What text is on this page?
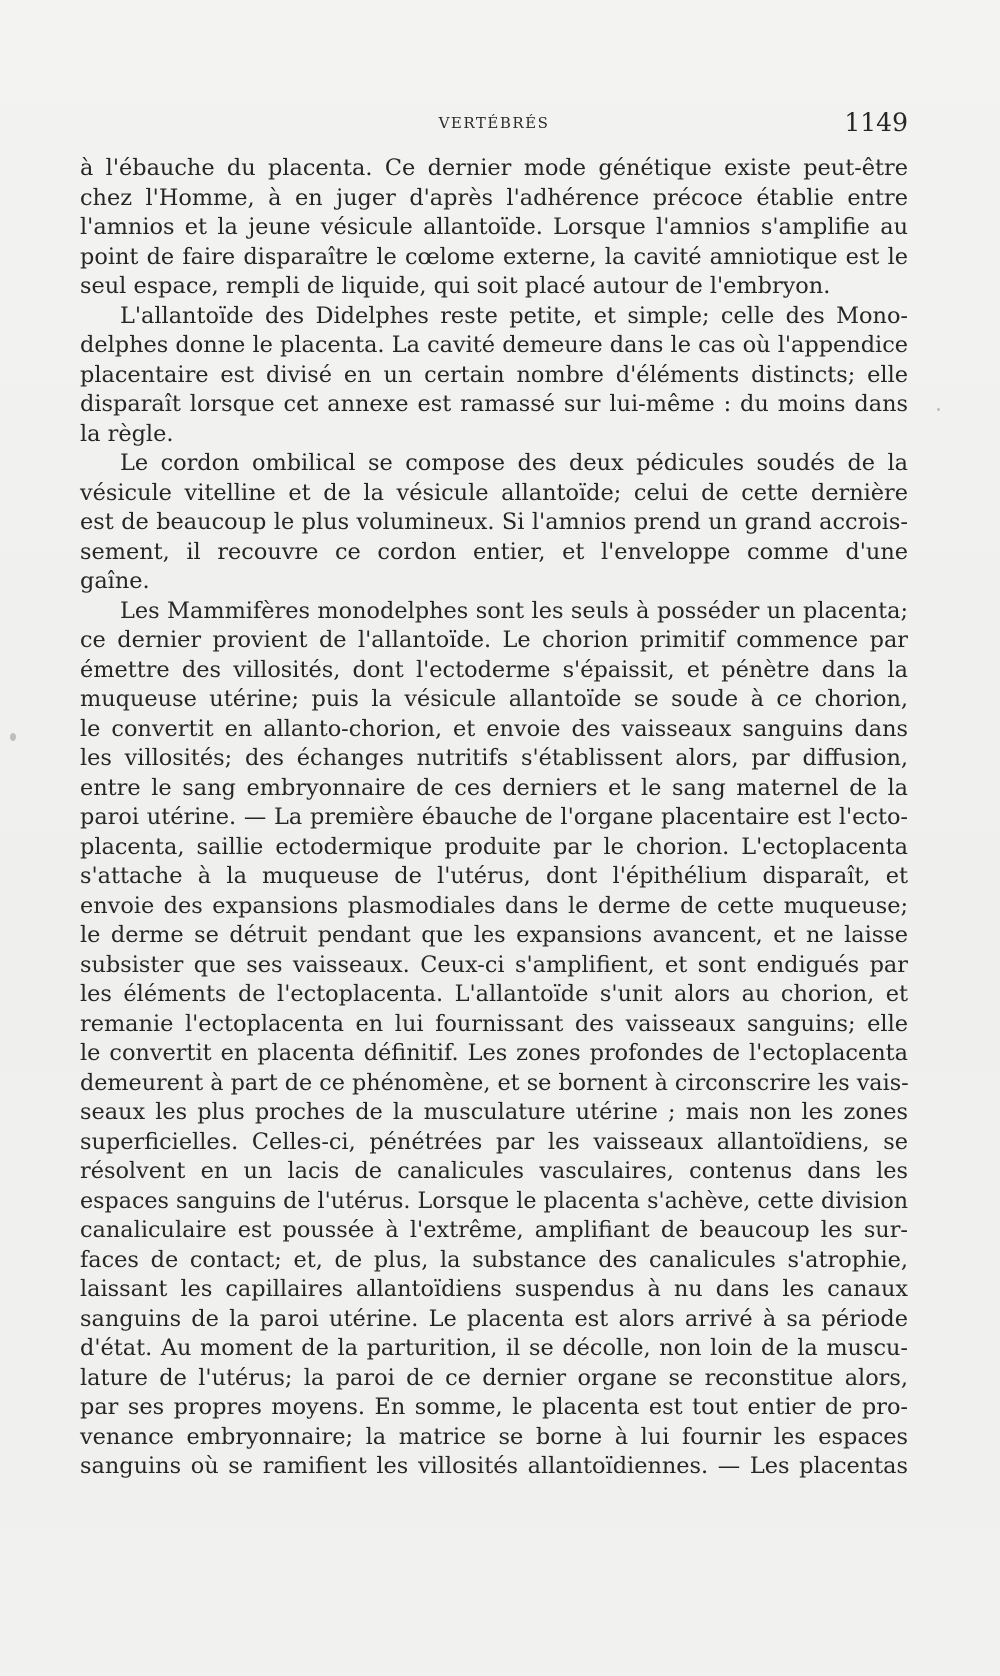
VERTÉBRÉS	1149
à l'ébauche du placenta. Ce dernier mode génétique existe peut-être
chez l'Homme, à en juger d'après l'adhérence précoce établie entre
l'amnios et la jeune vésicule allantoïde. Lorsque l'amnios s'amplifie au
point de faire disparaître le cœlome externe, la cavité amniotique est le
seul espace, rempli de liquide, qui soit placé autour de l'embryon.
L'allantoïde des Didelphes reste petite, et simple; celle des Mono-
delphes donne le placenta. La cavité demeure dans le cas où l'appendice
placentaire est divisé en un certain nombre d'éléments distincts; elle
disparaît lorsque cet annexe est ramassé sur lui-même : du moins dans
la règle.
Le cordon ombilical se compose des deux pédicules soudés de la
vésicule vitelline et de la vésicule allantoïde; celui de cette dernière
est de beaucoup le plus volumineux. Si l'amnios prend un grand accrois-
sement, il recouvre ce cordon entier, et l'enveloppe comme d'une
gaîne.
Les Mammifères monodelphes sont les seuls à posséder un placenta;
ce dernier provient de l'allantoïde. Le chorion primitif commence par
émettre des villosités, dont l'ectoderme s'épaissit, et pénètre dans la
muqueuse utérine; puis la vésicule allantoïde se soude à ce chorion,
le convertit en allanto-chorion, et envoie des vaisseaux sanguins dans
les villosités; des échanges nutritifs s'établissent alors, par diffusion,
entre le sang embryonnaire de ces derniers et le sang maternel de la
paroi utérine. — La première ébauche de l'organe placentaire est l'ecto-
placenta, saillie ectodermique produite par le chorion. L'ectoplacenta
s'attache à la muqueuse de l'utérus, dont l'épithélium disparaît, et
envoie des expansions plasmodiales dans le derme de cette muqueuse;
le derme se détruit pendant que les expansions avancent, et ne laisse
subsister que ses vaisseaux. Ceux-ci s'amplifient, et sont endigués par
les éléments de l'ectoplacenta. L'allantoïde s'unit alors au chorion, et
remanie l'ectoplacenta en lui fournissant des vaisseaux sanguins; elle
le convertit en placenta définitif. Les zones profondes de l'ectoplacenta
demeurent à part de ce phénomène, et se bornent à circonscrire les vais-
seaux les plus proches de la musculature utérine ; mais non les zones
superficielles. Celles-ci, pénétrées par les vaisseaux allantoïdiens, se
résolvent en un lacis de canalicules vasculaires, contenus dans les
espaces sanguins de l'utérus. Lorsque le placenta s'achève, cette division
canaliculaire est poussée à l'extrême, amplifiant de beaucoup les sur-
faces de contact; et, de plus, la substance des canalicules s'atrophie,
laissant les capillaires allantoïdiens suspendus à nu dans les canaux
sanguins de la paroi utérine. Le placenta est alors arrivé à sa période
d'état. Au moment de la parturition, il se décolle, non loin de la muscu-
lature de l'utérus; la paroi de ce dernier organe se reconstitue alors,
par ses propres moyens. En somme, le placenta est tout entier de pro-
venance embryonnaire; la matrice se borne à lui fournir les espaces
sanguins où se ramifient les villosités allantoïdiennes. — Les placentas
